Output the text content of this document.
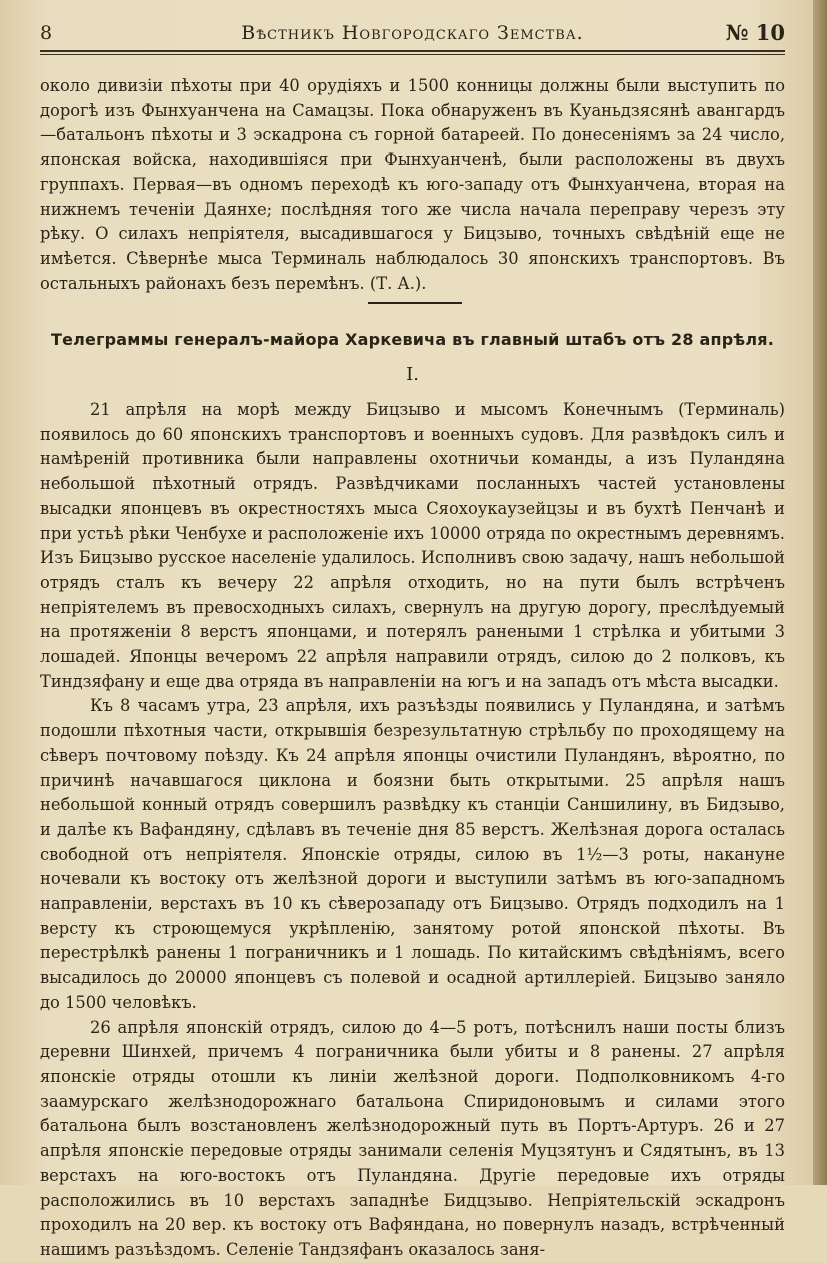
8	Вѣстникъ Новгородскаго Земства.	№ 10

около дивизіи пѣхоты при 40 орудіяхъ и 1500 конницы должны были выступить по дорогѣ изъ Фынхуанчена на Самацзы. Пока обнаруженъ въ Куаньдзясянѣ авангардъ—батальонъ пѣхоты и 3 эскадрона съ горной батареей. По донесеніямъ за 24 число, японская войска, находившіяся при Фынхуанченѣ, были расположены въ двухъ группахъ. Первая—въ одномъ переходѣ къ юго-западу отъ Фынхуанчена, вторая на нижнемъ теченіи Даянхе; послѣдняя того же числа начала переправу черезъ эту рѣку. О силахъ непріятеля, высадившагося у Бицзыво, точныхъ свѣдѣній еще не имѣется. Сѣвернѣе мыса Терминаль наблюдалось 30 японскихъ транспортовъ. Въ остальныхъ районахъ безъ перемѣнъ. (Т. А.).

Телеграммы генералъ-майора Харкевича въ главный штабъ отъ 28 апрѣля.
I.

21 апрѣля на морѣ между Бицзыво и мысомъ Конечнымъ (Терминаль) появилось до 60 японскихъ транспортовъ и военныхъ судовъ. Для развѣдокъ силъ и намѣреній противника были направлены охотничьи команды, а изъ Пуландяна небольшой пѣхотный отрядъ. Развѣдчиками посланныхъ частей установлены высадки японцевъ въ окрестностяхъ мыса Сяохоукаузейцзы и въ бухтѣ Пенчанѣ и при устьѣ рѣки Ченбухе и расположеніе ихъ 10000 отряда по окрестнымъ деревнямъ. Изъ Бицзыво русское населеніе удалилось. Исполнивъ свою задачу, нашъ небольшой отрядъ сталъ къ вечеру 22 апрѣля отходить, но на пути былъ встрѣченъ непріятелемъ въ превосходныхъ силахъ, свернулъ на другую дорогу, преслѣдуемый на протяженіи 8 верстъ японцами, и потерялъ ранеными 1 стрѣлка и убитыми 3 лошадей. Японцы вечеромъ 22 апрѣля направили отрядъ, силою до 2 полковъ, къ Тиндзяфану и еще два отряда въ направленіи на югъ и на западъ отъ мѣста высадки.

Къ 8 часамъ утра, 23 апрѣля, ихъ разъѣзды появились у Пуландяна, и затѣмъ подошли пѣхотныя части, открывшія безрезультатную стрѣльбу по проходящему на сѣверъ почтовому поѣзду. Къ 24 апрѣля японцы очистили Пуландянъ, вѣроятно, по причинѣ начавшагося циклона и боязни быть открытыми. 25 апрѣля нашъ небольшой конный отрядъ совершилъ развѣдку къ станціи Саншилину, въ Бидзыво, и далѣе къ Вафандяну, сдѣлавъ въ теченіе дня 85 верстъ. Желѣзная дорога осталась свободной отъ непріятеля. Японскіе отряды, силою въ 1½—3 роты, накануне ночевали къ востоку отъ желѣзной дороги и выступили затѣмъ въ юго-западномъ направленіи, верстахъ въ 10 къ сѣверозападу отъ Бицзыво. Отрядъ подходилъ на 1 версту къ строющемуся укрѣпленію, занятому ротой японской пѣхоты. Въ перестрѣлкѣ ранены 1 пограничникъ и 1 лошадь. По китайскимъ свѣдѣніямъ, всего высадилось до 20000 японцевъ съ полевой и осадной артиллеріей. Бицзыво заняло до 1500 человѣкъ.

26 апрѣля японскій отрядъ, силою до 4—5 ротъ, потѣснилъ наши посты близъ деревни Шинхей, причемъ 4 пограничника были убиты и 8 ранены. 27 апрѣля японскіе отряды отошли къ линіи желѣзной дороги. Подполковникомъ 4-го заамурскаго желѣзнодорожнаго батальона Спиридоновымъ и силами этого батальона былъ возстановленъ желѣзнодорожный путь въ Портъ-Артуръ. 26 и 27 апрѣля японскіе передовые отряды занимали селенія Муцзятунъ и Сядятынъ, въ 13 верстахъ на юго-востокъ отъ Пуландяна. Другіе передовые ихъ отряды расположились въ 10 верстахъ западнѣе Бидцзыво. Непріятельскій эскадронъ проходилъ на 20 вер. къ востоку отъ Вафяндана, но повернулъ назадъ, встрѣченный нашимъ разъѣздомъ. Селеніе Тандзяфанъ оказалось заня-
